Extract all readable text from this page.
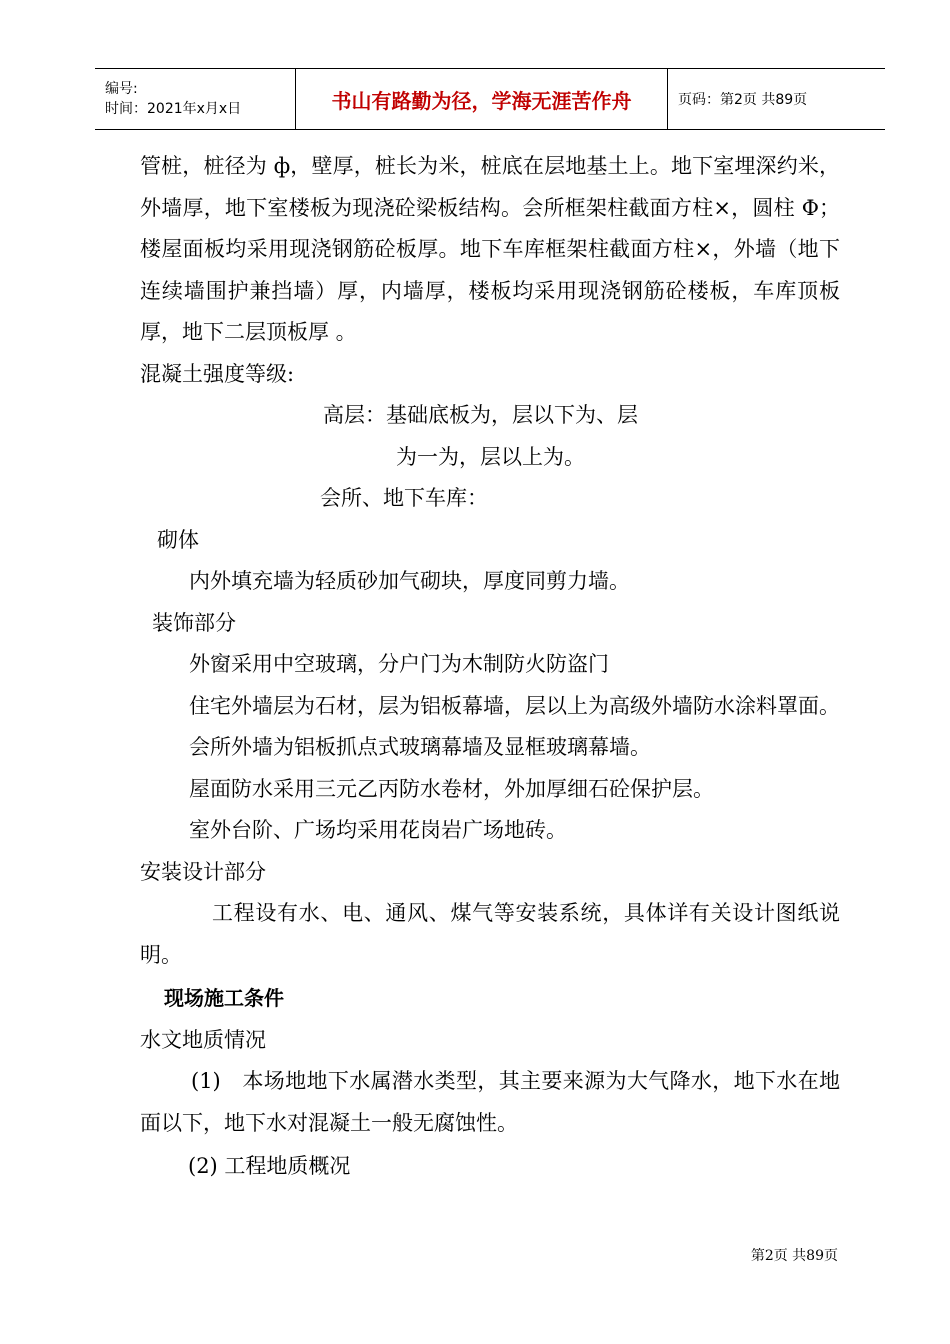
编号:
时间：2021年x月x日	书山有路勤为径，学海无涯苦作舟	页码：第2页 共89页

管桩，桩径为 ф，壁厚，桩长为米，桩底在层地基土上。地下室埋深约米，外墙厚，地下室楼板为现浇砼梁板结构。会所框架柱截面方柱×，圆柱 Φ；楼屋面板均采用现浇钢筋砼板厚。地下车库框架柱截面方柱×，外墙（地下连续墙围护兼挡墙）厚，内墙厚，楼板均采用现浇钢筋砼楼板，车库顶板厚，地下二层顶板厚 。

混凝土强度等级:

高层：基础底板为，层以下为、层

为一为，层以上为。

会所、地下车库：

砌体

内外填充墙为轻质砂加气砌块，厚度同剪力墙。

装饰部分

外窗采用中空玻璃，分户门为木制防火防盗门

住宅外墙层为石材，层为铝板幕墙，层以上为高级外墙防水涂料罩面。

会所外墙为铝板抓点式玻璃幕墙及显框玻璃幕墙。

屋面防水采用三元乙丙防水卷材，外加厚细石砼保护层。

室外台阶、广场均采用花岗岩广场地砖。

安装设计部分

工程设有水、电、通风、煤气等安装系统，具体详有关设计图纸说明。

现场施工条件

水文地质情况

(1)　本场地地下水属潜水类型，其主要来源为大气降水，地下水在地面以下，地下水对混凝土一般无腐蚀性。

(2) 工程地质概况

第2页 共89页
